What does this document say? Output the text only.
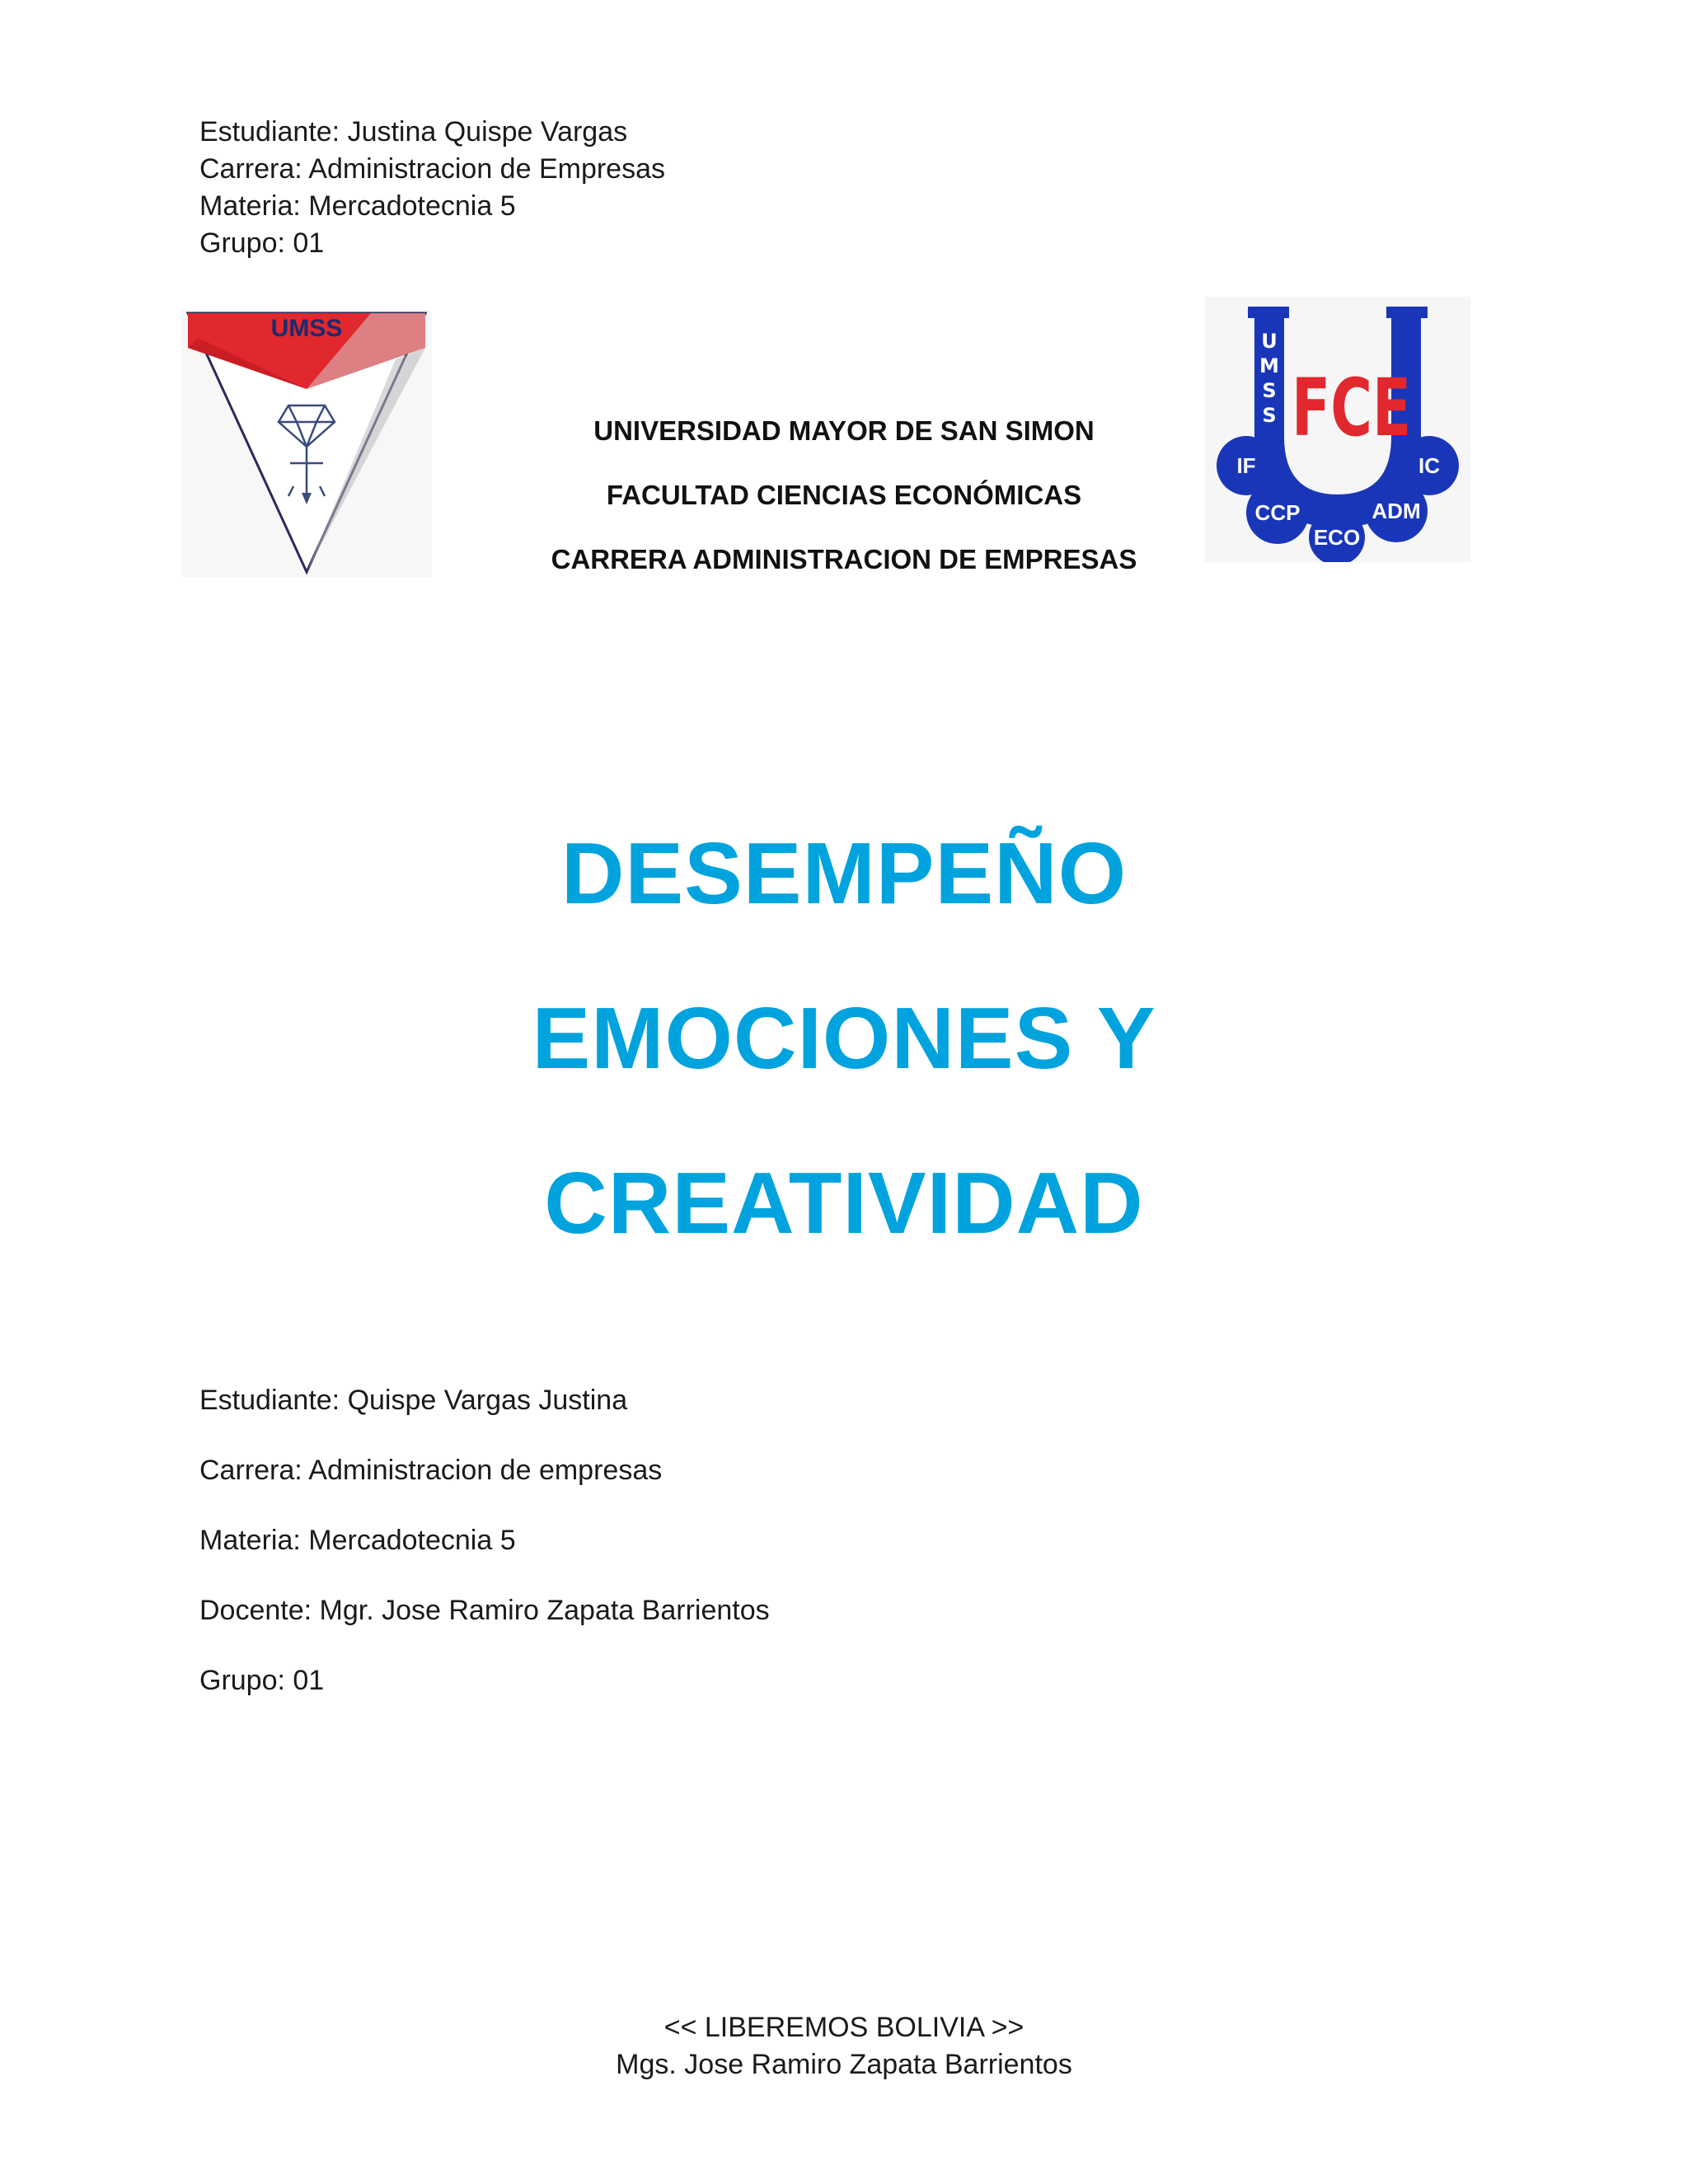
Estudiante: Justina Quispe Vargas
Carrera: Administracion de Empresas
Materia: Mercadotecnia 5
Grupo: 01
UMSS	U M S S FCE
IF	IC
CCP	ADM
ECO
UNIVERSIDAD MAYOR DE SAN SIMON
FACULTAD CIENCIAS ECONÓMICAS
CARRERA ADMINISTRACION DE EMPRESAS
DESEMPEÑO
EMOCIONES Y
CREATIVIDAD
Estudiante: Quispe Vargas Justina
Carrera: Administracion de empresas
Materia: Mercadotecnia 5
Docente: Mgr. Jose Ramiro Zapata Barrientos
Grupo: 01
<< LIBEREMOS BOLIVIA >>
Mgs. Jose Ramiro Zapata Barrientos
